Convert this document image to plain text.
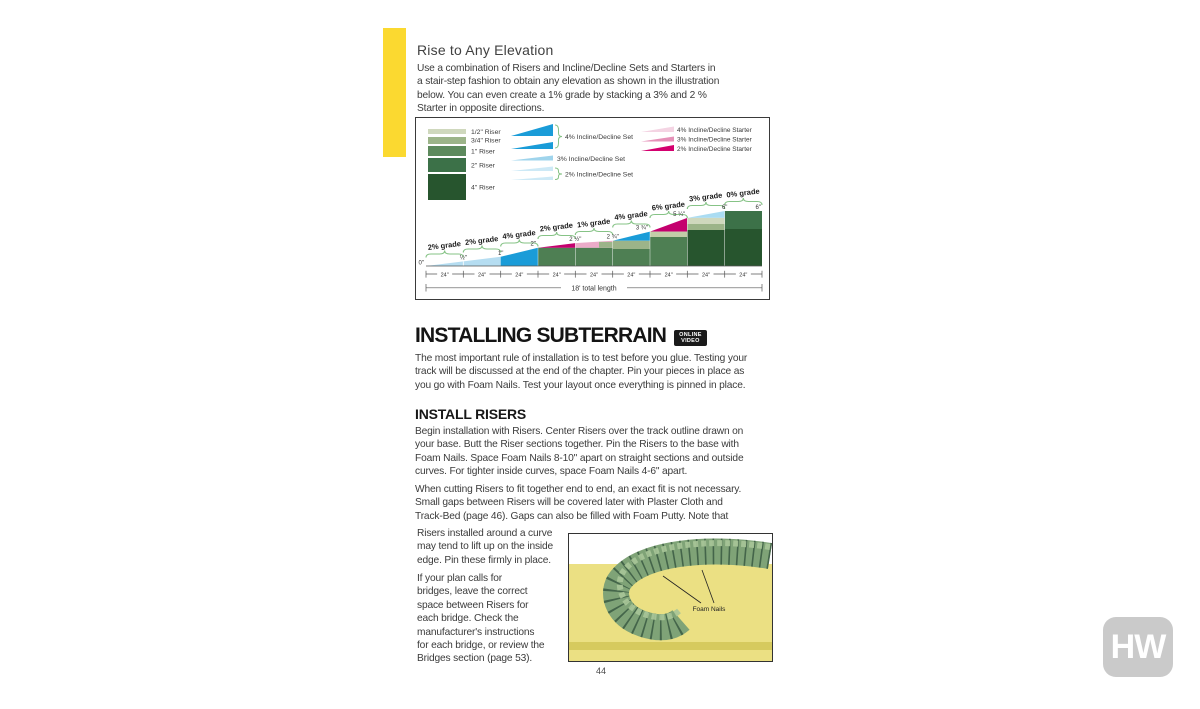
Rise to Any Elevation
Use a combination of Risers and Incline/Decline Sets and Starters in
a stair-step fashion to obtain any elevation as shown in the illustration
below. You can even create a 1% grade by stacking a 3% and 2 %
Starter in opposite directions.
1/2" Riser
3/4" Riser
1" Riser
2" Riser
4" Riser
4% Incline/Decline Set
3% Incline/Decline Set
2% Incline/Decline Set
4% Incline/Decline Starter
3% Incline/Decline Starter
2% Incline/Decline Starter
18' total length
2% grade
24"
2% grade
24"
4% grade
24"
2% grade
24"
1% grade
24"
4% grade
24"
6% grade
24"
3% grade
24"
0% grade
24"
0"
½"
1"
2"
2 ½"	2 ¾"
3 ¾"
5 ¼"
6"	6"
INSTALLING SUBTERRAIN ONLINE
VIDEO
The most important rule of installation is to test before you glue. Testing your
track will be discussed at the end of the chapter. Pin your pieces in place as
you go with Foam Nails. Test your layout once everything is pinned in place.
INSTALL RISERS
Begin installation with Risers. Center Risers over the track outline drawn on
your base. Butt the Riser sections together. Pin the Risers to the base with
Foam Nails. Space Foam Nails 8-10" apart on straight sections and outside
curves. For tighter inside curves, space Foam Nails 4-6" apart.
When cutting Risers to fit together end to end, an exact fit is not necessary.
Small gaps between Risers will be covered later with Plaster Cloth and
Track-Bed (page 46). Gaps can also be filled with Foam Putty. Note that
Risers installed around a curve
may tend to lift up on the inside
edge. Pin these firmly in place.
If your plan calls for
bridges, leave the correct
space between Risers for
each bridge. Check the
manufacturer's instructions
for each bridge, or review the
Bridges section (page 53).
Foam Nails
44
HW
